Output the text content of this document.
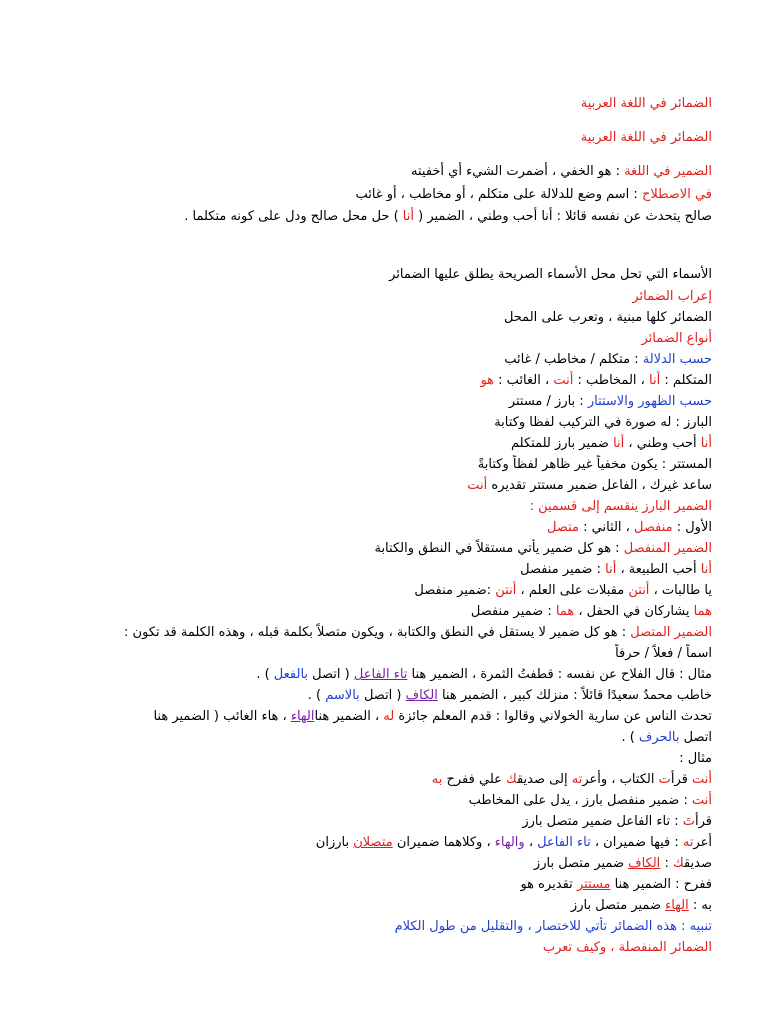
الضمائر في اللغة العربية
الضمائر في اللغة العربية
الضمير في اللغة : هو الخفي ، أضمرت الشيء أي أخفيته
في الاصطلاح : اسم وضع للدلالة على متكلم ، أو مخاطب ، أو غائب
صالح يتحدث عن نفسه قائلا : أنا أحب وطني ، الضمير ( أنا ) حل محل صالح ودل على كونه متكلما .
الأسماء التي تحل محل الأسماء الصريحة يطلق عليها الضمائر
إعراب الضمائر
الضمائر كلها مبنية ، وتعرب على المحل
أنواع الضمائر
حسب الدلالة : متكلم / مخاطب / غائب
المتكلم : أنا ، المخاطب : أنت ، الغائب : هو
حسب الظهور والاستتار : بارز / مستتر
البارز : له صورة في التركيب لفظا وكتابة
أنا أحب وطني ، أنا ضمير بارز للمتكلم
المستتر : يكون مخفياً غير ظاهر لفظاً وكتابةً
ساعد غيرك ، الفاعل ضمير مستتر تقديره أنت
الضمير البارز ينقسم إلى قسمين :
الأول : منفصل ، الثاني : متصل
الضمير المنفصل : هو كل ضمير يأتي مستقلاً في النطق والكتابة
أنا أحب الطبيعة ، أنا : ضمير منفصل
يا طالبات ، أنتن مقبلات على العلم ، أنتن :ضمير منفصل
هما يشاركان في الحفل ، هما : ضمير منفصل
الضمير المتصل : هو كل ضمير لا يستقل في النطق والكتابة ، ويكون متصلاً بكلمة قبله ، وهذه الكلمة قد تكون :
اسماً / فعلاً / حرفاً
مثال : قال الفلاح عن نفسه : قطفتُ الثمرة ، الضمير هنا تاء الفاعل ( اتصل بالفعل ) .
خاطب محمدٌ سعيدًا قائلاً : منزلك كبير ، الضمير هنا الكاف ( اتصل بالاسم ) .
تحدث الناس عن سارية الخولاني وقالوا : قدم المعلم جائزة له ، الضمير هناالهاء ، هاء الغائب ( الضمير هنا
اتصل بالحرف ) .
مثال :
أنت قرأت الكتاب ، وأعرته إلى صديقك علي ففرح به
أنت : ضمير منفصل بارز ، يدل على المخاطب
قرأتَ : تاء الفاعل ضمير متصل بارز
أعرته : فيها ضميران ، تاء الفاعل ، والهاء ، وكلاهما ضميران متصلان بارزان
صديقك : الكاف ضمير متصل بارز
ففرح : الضمير هنا مستتر تقديره هو
به : الهاء ضمير متصل بارز
تنبيه : هذه الضمائر تأتي للاختصار ، والتقليل من طول الكلام
الضمائر المنفصلة ، وكيف تعرب
